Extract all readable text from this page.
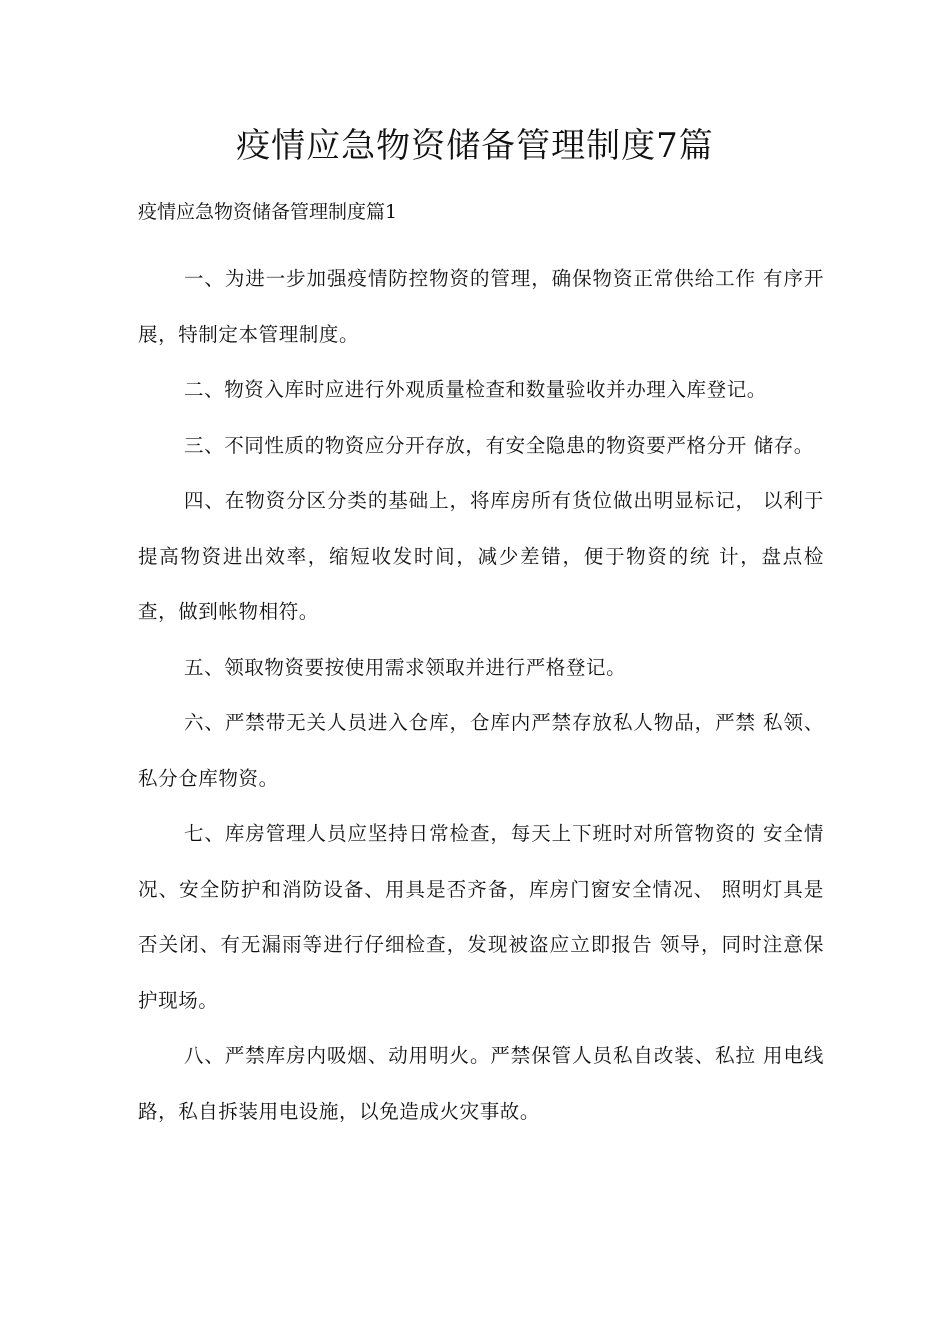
疫情应急物资储备管理制度7篇

疫情应急物资储备管理制度篇1

一、为进一步加强疫情防控物资的管理，确保物资正常供给工作 有序开展，特制定本管理制度。

二、物资入库时应进行外观质量检查和数量验收并办理入库登记。

三、不同性质的物资应分开存放，有安全隐患的物资要严格分开 储存。

四、在物资分区分类的基础上，将库房所有货位做出明显标记， 以利于提高物资进出效率，缩短收发时间，减少差错，便于物资的统 计，盘点检查，做到帐物相符。

五、领取物资要按使用需求领取并进行严格登记。

六、严禁带无关人员进入仓库，仓库内严禁存放私人物品，严禁 私领、私分仓库物资。

七、库房管理人员应坚持日常检查，每天上下班时对所管物资的 安全情况、安全防护和消防设备、用具是否齐备，库房门窗安全情况、 照明灯具是否关闭、有无漏雨等进行仔细检查，发现被盗应立即报告 领导，同时注意保护现场。

八、严禁库房内吸烟、动用明火。严禁保管人员私自改装、私拉 用电线路，私自拆装用电设施，以免造成火灾事故。
